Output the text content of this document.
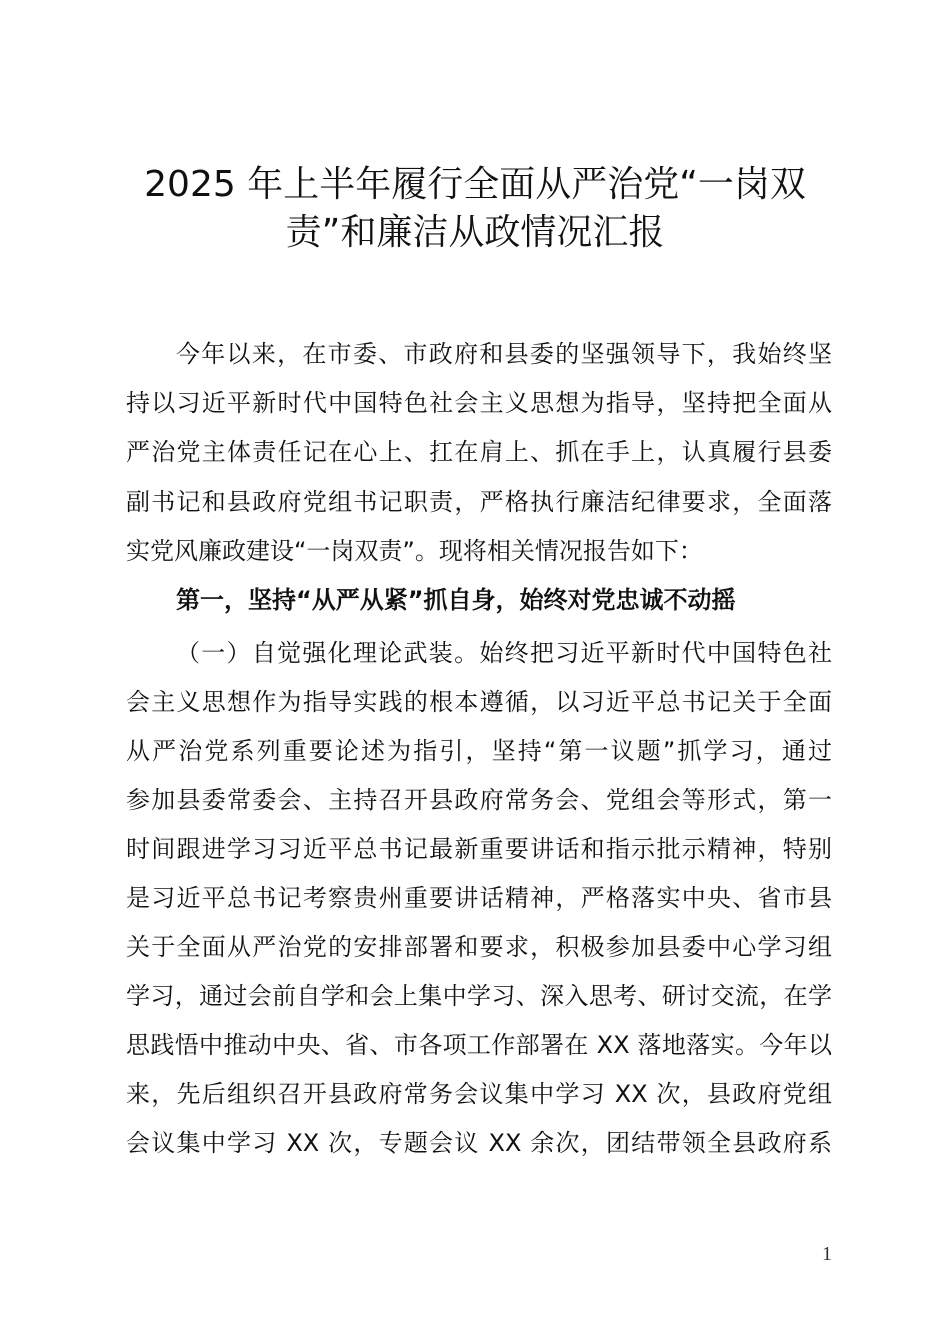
2025 年上半年履行全面从严治党“一岗双
责”和廉洁从政情况汇报
今年以来，在市委、市政府和县委的坚强领导下，我始终坚
持以习近平新时代中国特色社会主义思想为指导，坚持把全面从
严治党主体责任记在心上、扛在肩上、抓在手上，认真履行县委
副书记和县政府党组书记职责，严格执行廉洁纪律要求，全面落
实党风廉政建设“一岗双责”。现将相关情况报告如下：
第一，坚持“从严从紧”抓自身，始终对党忠诚不动摇
（一）自觉强化理论武装。始终把习近平新时代中国特色社
会主义思想作为指导实践的根本遵循，以习近平总书记关于全面
从严治党系列重要论述为指引，坚持“第一议题”抓学习，通过
参加县委常委会、主持召开县政府常务会、党组会等形式，第一
时间跟进学习习近平总书记最新重要讲话和指示批示精神，特别
是习近平总书记考察贵州重要讲话精神，严格落实中央、省市县
关于全面从严治党的安排部署和要求，积极参加县委中心学习组
学习，通过会前自学和会上集中学习、深入思考、研讨交流，在学
思践悟中推动中央、省、市各项工作部署在 XX 落地落实。今年以
来，先后组织召开县政府常务会议集中学习 XX 次，县政府党组
会议集中学习 XX 次，专题会议 XX 余次，团结带领全县政府系
1
